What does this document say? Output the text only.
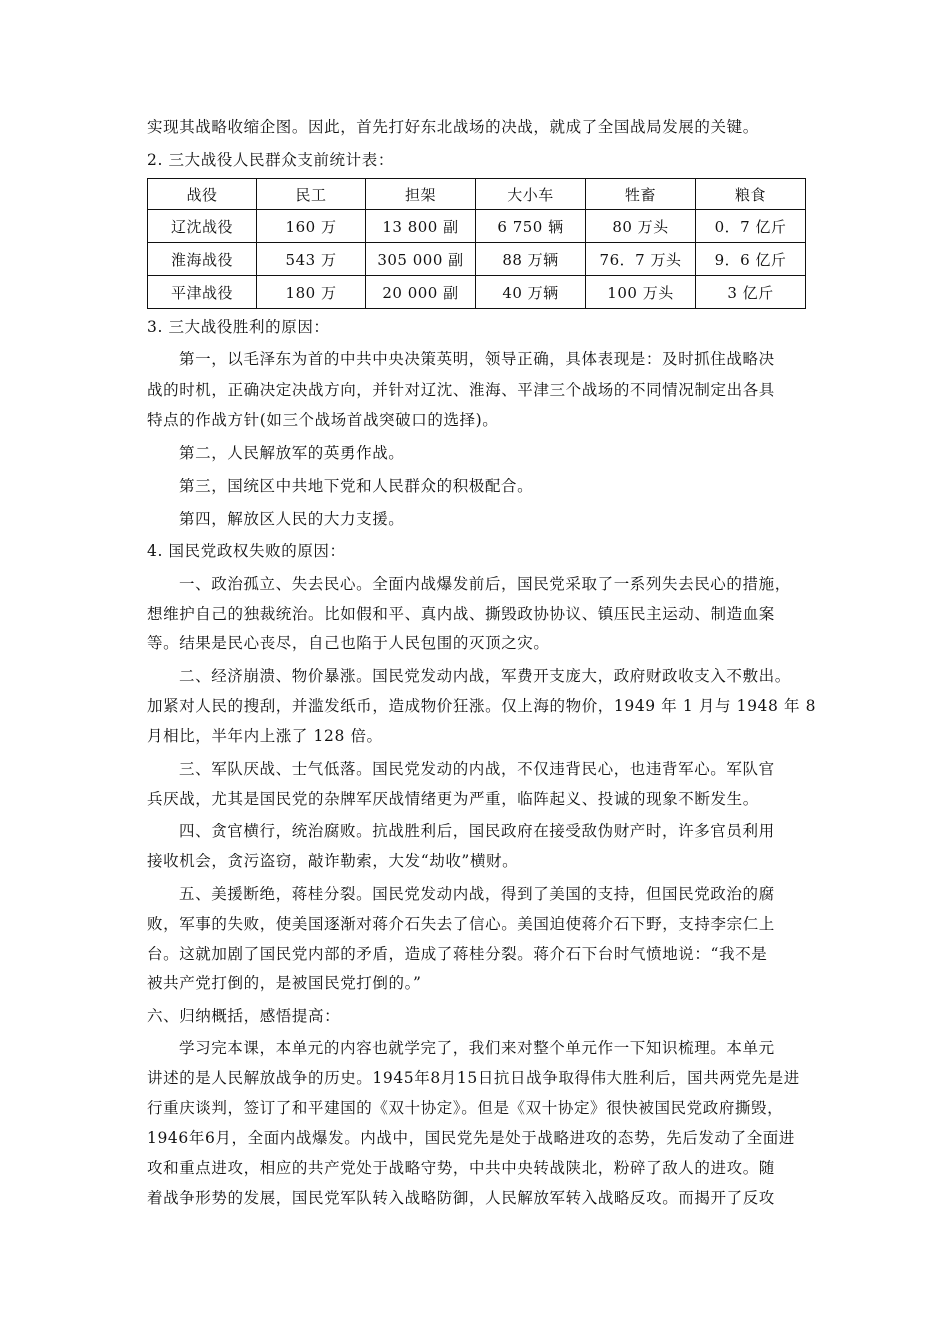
实现其战略收缩企图。因此，首先打好东北战场的决战，就成了全国战局发展的关键。
2. 三大战役人民群众支前统计表：
战役	民工	担架	大小车	牲畜	粮食
辽沈战役	160 万	13 800 副	6 750 辆	80 万头	0．7 亿斤
淮海战役	543 万	305 000 副	88 万辆	76．7 万头	9．6 亿斤
平津战役	180 万	20 000 副	40 万辆	100 万头	3 亿斤
3. 三大战役胜利的原因：
第一，以毛泽东为首的中共中央决策英明，领导正确，具体表现是：及时抓住战略决
战的时机，正确决定决战方向，并针对辽沈、淮海、平津三个战场的不同情况制定出各具
特点的作战方针(如三个战场首战突破口的选择)。
第二，人民解放军的英勇作战。
第三，国统区中共地下党和人民群众的积极配合。
第四，解放区人民的大力支援。
4. 国民党政权失败的原因：
一、政治孤立、失去民心。全面内战爆发前后，国民党采取了一系列失去民心的措施，
想维护自己的独裁统治。比如假和平、真内战、撕毁政协协议、镇压民主运动、制造血案
等。结果是民心丧尽，自己也陷于人民包围的灭顶之灾。
二、经济崩溃、物价暴涨。国民党发动内战，军费开支庞大，政府财政收支入不敷出。
加紧对人民的搜刮，并滥发纸币，造成物价狂涨。仅上海的物价，1949 年 1 月与 1948 年 8
月相比，半年内上涨了 128 倍。
三、军队厌战、士气低落。国民党发动的内战，不仅违背民心，也违背军心。军队官
兵厌战，尤其是国民党的杂牌军厌战情绪更为严重，临阵起义、投诚的现象不断发生。
四、贪官横行，统治腐败。抗战胜利后，国民政府在接受敌伪财产时，许多官员利用
接收机会，贪污盗窃，敲诈勒索，大发“劫收”横财。
五、美援断绝，蒋桂分裂。国民党发动内战，得到了美国的支持，但国民党政治的腐
败，军事的失败，使美国逐渐对蒋介石失去了信心。美国迫使蒋介石下野，支持李宗仁上
台。这就加剧了国民党内部的矛盾，造成了蒋桂分裂。蒋介石下台时气愤地说：“我不是
被共产党打倒的，是被国民党打倒的。”
六、归纳概括，感悟提高：
学习完本课，本单元的内容也就学完了，我们来对整个单元作一下知识梳理。本单元
讲述的是人民解放战争的历史。1945年8月15日抗日战争取得伟大胜利后，国共两党先是进
行重庆谈判，签订了和平建国的《双十协定》。但是《双十协定》很快被国民党政府撕毁，
1946年6月，全面内战爆发。内战中，国民党先是处于战略进攻的态势，先后发动了全面进
攻和重点进攻，相应的共产党处于战略守势，中共中央转战陕北，粉碎了敌人的进攻。随
着战争形势的发展，国民党军队转入战略防御，人民解放军转入战略反攻。而揭开了反攻
